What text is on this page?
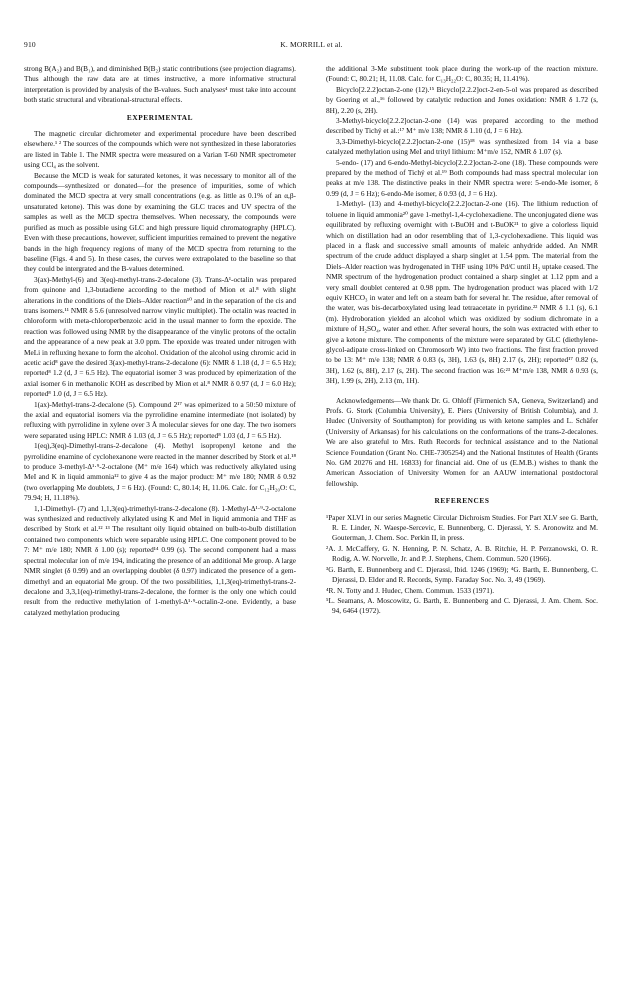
910	K. MORRILL et al.

strong B(A₂) and B(B₁), and diminished B(B₂) static contributions (see projection diagrams). Thus although the raw data are at times instructive, a more informative structural interpretation is provided by analysis of the B-values. Such analyses⁴ must take into account both static structural and vibrational-structural effects.

EXPERIMENTAL

The magnetic circular dichrometer and experimental procedure have been described elsewhere.¹ ² The sources of the compounds which were not synthesized in these laboratories are listed in Table 1. The NMR spectra were measured on a Varian T-60 NMR spectrometer using CCl₄ as the solvent.

Because the MCD is weak for saturated ketones, it was necessary to monitor all of the compounds—synthesized or donated—for the presence of impurities, some of which dominated the MCD spectra at very small concentrations (e.g. as little as 0.1% of an α,β-unsaturated ketone). This was done by examining the GLC traces and UV spectra of the samples as well as the MCD spectra themselves. When necessary, the compounds were purified as much as possible using GLC and high pressure liquid chromatography (HPLC). Even with these precautions, however, sufficient impurities remained to prevent the negative bands in the high frequency regions of many of the MCD spectra from returning to the baseline (Figs. 4 and 5). In these cases, the curves were extrapolated to the baseline so that they could be intergrated and the B-values determined.

3(ax)-Methyl-(6) and 3(eq)-methyl-trans-2-decalone (3). Trans-Δ¹-octalin was prepared from quinone and 1,3-butadiene according to the method of Mion et al.⁸ with slight alterations in the conditions of the Diels–Alder reaction¹⁰ and in the separation of the cis and trans isomers.¹¹ NMR δ 5.6 (unresolved narrow vinylic multiplet). The octalin was reacted in chloroform with meta-chloroperbenzoic acid in the usual manner to form the epoxide. The reaction was followed using NMR by the disappearance of the vinylic protons of the octalin and the appearance of a new peak at 3.0 ppm. The epoxide was treated under nitrogen with MeLi in refluxing hexane to form the alcohol. Oxidation of the alcohol using chromic acid in acetic acid⁸ gave the desired 3(ax)-methyl-trans-2-decalone (6): NMR δ 1.18 (d, J = 6.5 Hz); reported⁸ 1.2 (d, J = 6.5 Hz). The equatorial isomer 3 was produced by epimerization of the axial isomer 6 in methanolic KOH as described by Mion et al.⁸ NMR δ 0.97 (d, J = 6.0 Hz); reported⁸ 1.0 (d, J = 6.5 Hz).

1(ax)-Methyl-trans-2-decalone (5). Compound 2¹⁷ was epimerized to a 50:50 mixture of the axial and equatorial isomers via the pyrrolidine enamine intermediate (not isolated) by refluxing with pyrrolidine in xylene over 3 Å molecular sieves for one day. The two isomers were separated using HPLC: NMR δ 1.03 (d, J = 6.5 Hz); reported⁸ 1.03 (d, J = 6.5 Hz).

1(eq),3(eq)-Dimethyl-trans-2-decalone (4). Methyl isopropenyl ketone and the pyrrolidine enamine of cyclohexanone were reacted in the manner described by Stork et al.¹⁸ to produce 3-methyl-Δ¹·⁹-2-octalone (M⁺ m/e 164) which was reductively alkylated using MeI and K in liquid ammonia¹² to give 4 as the major product: M⁺ m/e 180; NMR δ 0.92 (two overlapping Me doublets, J = 6 Hz). (Found: C, 80.14; H, 11.06. Calc. for C₁₂H₂₀O: C, 79.94; H, 11.18%).

1,1-Dimethyl- (7) and 1,1,3(eq)-trimethyl-trans-2-decalone (8). 1-Methyl-Δ¹·⁹-2-octalone was synthesized and reductively alkylated using K and MeI in liquid ammonia and THF as described by Stork et al.¹² ¹³ The resultant oily liquid obtained on bulb-to-bulb distillation contained two components which were separable using HPLC. One component proved to be 7: M⁺ m/e 180; NMR δ 1.00 (s); reported¹⁴ 0.99 (s). The second component had a mass spectral molecular ion of m/e 194, indicating the presence of an additional Me group. A large NMR singlet (δ 0.99) and an overlapping doublet (δ 0.97) indicated the presence of a gem-dimethyl and an equatorial Me group. Of the two possibilities, 1,1,3(eq)-trimethyl-trans-2-decalone and 3,3,1(eq)-trimethyl-trans-2-decalone, the former is the only one which could result from the reductive methylation of 1-methyl-Δ¹·⁹-octalin-2-one. Evidently, a base catalyzed methylation producing

the additional 3-Me substituent took place during the work-up of the reaction mixture. (Found: C, 80.21; H, 11.08. Calc. for C₁₃H₂₂O: C, 80.35; H, 11.41%).

Bicyclo[2.2.2]octan-2-one (12).¹⁵ Bicyclo[2.2.2]oct-2-en-5-ol was prepared as described by Goering et al.,¹⁶ followed by catalytic reduction and Jones oxidation: NMR δ 1.72 (s, 8H), 2.20 (s, 2H).

3-Methyl-bicyclo[2.2.2]octan-2-one (14) was prepared according to the method described by Tichý et al.:¹⁷ M⁺ m/e 138; NMR δ 1.10 (d, J = 6 Hz).

3,3-Dimethyl-bicyclo[2.2.2]octan-2-one (15)¹⁸ was synthesized from 14 via a base catalyzed methylation using MeI and trityl lithium: M⁺m/e 152, NMR δ 1.07 (s).

5-endo- (17) and 6-endo-Methyl-bicyclo[2.2.2]octan-2-one (18). These compounds were prepared by the method of Tichý et al.¹⁹ Both compounds had mass spectral molecular ion peaks at m/e 138. The distinctive peaks in their NMR spectra were: 5-endo-Me isomer, δ 0.99 (d, J = 6 Hz); 6-endo-Me isomer, δ 0.93 (d, J = 6 Hz).

1-Methyl- (13) and 4-methyl-bicyclo[2.2.2]octan-2-one (16). The lithium reduction of toluene in liquid ammonia²⁰ gave 1-methyl-1,4-cyclohexadiene. The unconjugated diene was equilibrated by refluxing overnight with t-BuOH and t-BuOK²¹ to give a colorless liquid which on distillation had an odor resembling that of 1,3-cyclohexadiene. This liquid was placed in a flask and successive small amounts of maleic anhydride added. An NMR spectrum of the crude adduct displayed a sharp singlet at 1.54 ppm. The material from the Diels–Alder reaction was hydrogenated in THF using 10% Pd/C until H₂ uptake ceased. The NMR spectrum of the hydrogenation product contained a sharp singlet at 1.12 ppm and a very small doublet centered at 0.98 ppm. The hydrogenation product was placed with 1/2 equiv KHCO₃ in water and left on a steam bath for several hr. The residue, after removal of the water, was bis-decarboxylated using lead tetraacetate in pyridine.²² NMR δ 1.1 (s), 6.1 (m). Hydroboration yielded an alcohol which was oxidized by sodium dichromate in a mixture of H₂SO₄, water and ether. After several hours, the soln was extracted with ether to give a ketone mixture. The components of the mixture were separated by GLC (diethylene-glycol-adipate cross-linked on Chromosorb W) into two fractions. The first fraction proved to be 13: M⁺ m/e 138; NMR δ 0.83 (s, 3H), 1.63 (s, 8H) 2.17 (s, 2H); reported¹⁷ 0.82 (s, 3H), 1.62 (s, 8H), 2.17 (s, 2H). The second fraction was 16:²³ M⁺m/e 138, NMR δ 0.93 (s, 3H), 1.99 (s, 2H), 2.13 (m, 1H).

Acknowledgements—We thank Dr. G. Ohloff (Firmenich SA, Geneva, Switzerland) and Profs. G. Stork (Columbia University), E. Piers (University of British Columbia), and J. Hudec (University of Southampton) for providing us with ketone samples and L. Schäfer (University of Arkansas) for his calculations on the conformations of the trans-2-decalones. We are also grateful to Mrs. Ruth Records for technical assistance and to the National Science Foundation (Grant No. CHE-7305254) and the National Institutes of Health (Grants No. GM 20276 and HL 16833) for financial aid. One of us (E.M.B.) wishes to thank the American Association of University Women for an AAUW international postdoctoral fellowship.

REFERENCES

¹Paper XLVI in our series Magnetic Circular Dichroism Studies. For Part XLV see G. Barth, R. E. Linder, N. Waespe-Sercevic, E. Bunnenberg, C. Djerassi, Y. S. Aronowitz and M. Gouterman, J. Chem. Soc. Perkin II, in press.

²A. J. McCaffery, G. N. Henning, P. N. Schatz, A. B. Ritchie, H. P. Perzanowski, O. R. Rodig, A. W. Norvelle, Jr. and P. J. Stephens, Chem. Commun. 520 (1966).

³G. Barth, E. Bunnenberg and C. Djerassi, Ibid. 1246 (1969); ⁴G. Barth, E. Bunnenberg, C. Djerassi, D. Elder and R. Records, Symp. Faraday Soc. No. 3, 49 (1969).

⁴R. N. Totty and J. Hudec, Chem. Commun. 1533 (1971).

⁵L. Seamans, A. Moscowitz, G. Barth, E. Bunnenberg and C. Djerassi, J. Am. Chem. Soc. 94, 6464 (1972).
